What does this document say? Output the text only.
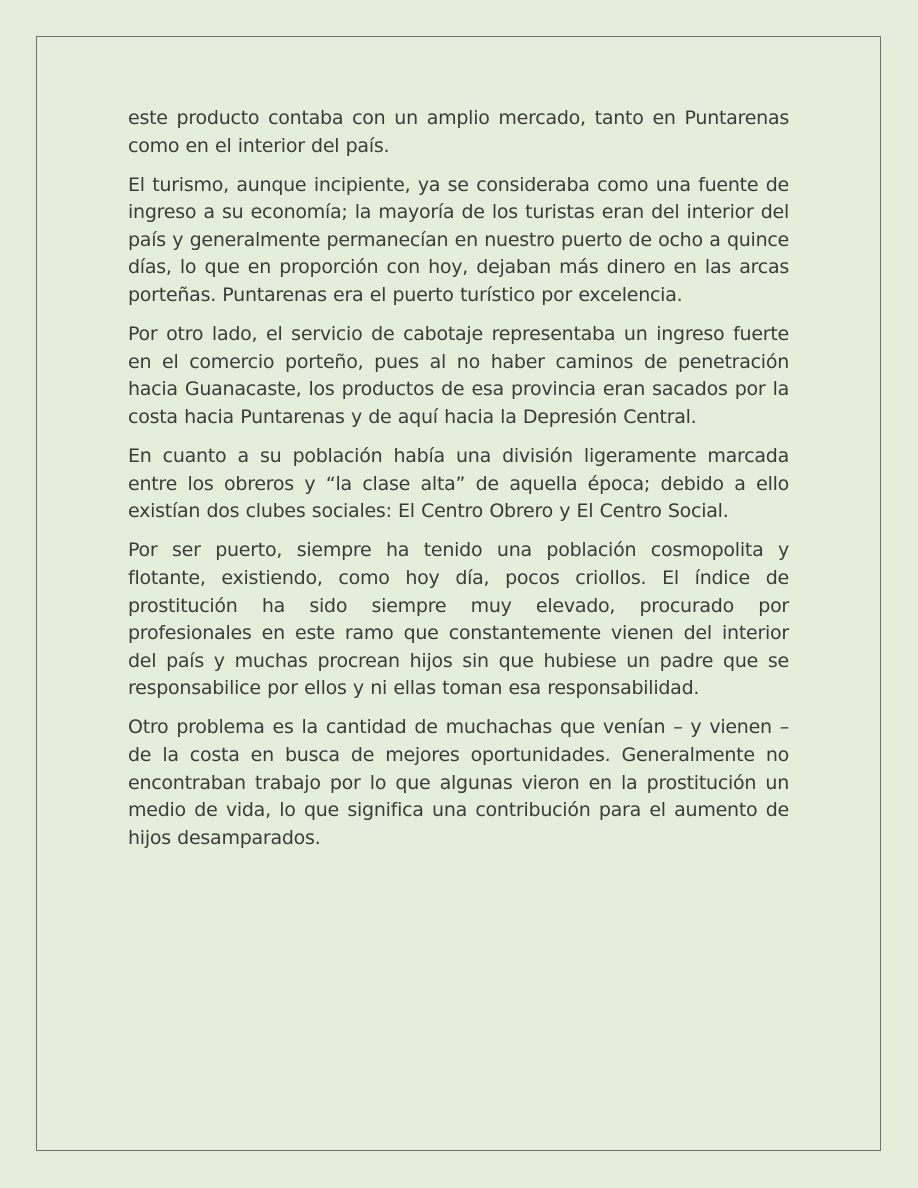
este producto contaba con un amplio mercado, tanto en Puntarenas como en el interior del país.

El turismo, aunque incipiente, ya se consideraba como una fuente de ingreso a su economía; la mayoría de los turistas eran del interior del país y generalmente permanecían en nuestro puerto de ocho a quince días, lo que en proporción con hoy, dejaban más dinero en las arcas porteñas. Puntarenas era el puerto turístico por excelencia.

Por otro lado, el servicio de cabotaje representaba un ingreso fuerte en el comercio porteño, pues al no haber caminos de penetración hacia Guanacaste, los productos de esa provincia eran sacados por la costa hacia Puntarenas y de aquí hacia la Depresión Central.

En cuanto a su población había una división ligeramente marcada entre los obreros y “la clase alta” de aquella época; debido a ello existían dos clubes sociales: El Centro Obrero y El Centro Social.

Por ser puerto, siempre ha tenido una población cosmopolita y flotante, existiendo, como hoy día, pocos criollos. El índice de prostitución ha sido siempre muy elevado, procurado por profesionales en este ramo que constantemente vienen del interior del país y muchas procrean hijos sin que hubiese un padre que se responsabilice por ellos y ni ellas toman esa responsabilidad.

Otro problema es la cantidad de muchachas que venían – y vienen – de la costa en busca de mejores oportunidades. Generalmente no encontraban trabajo por lo que algunas vieron en la prostitución un medio de vida, lo que significa una contribución para el aumento de hijos desamparados.
